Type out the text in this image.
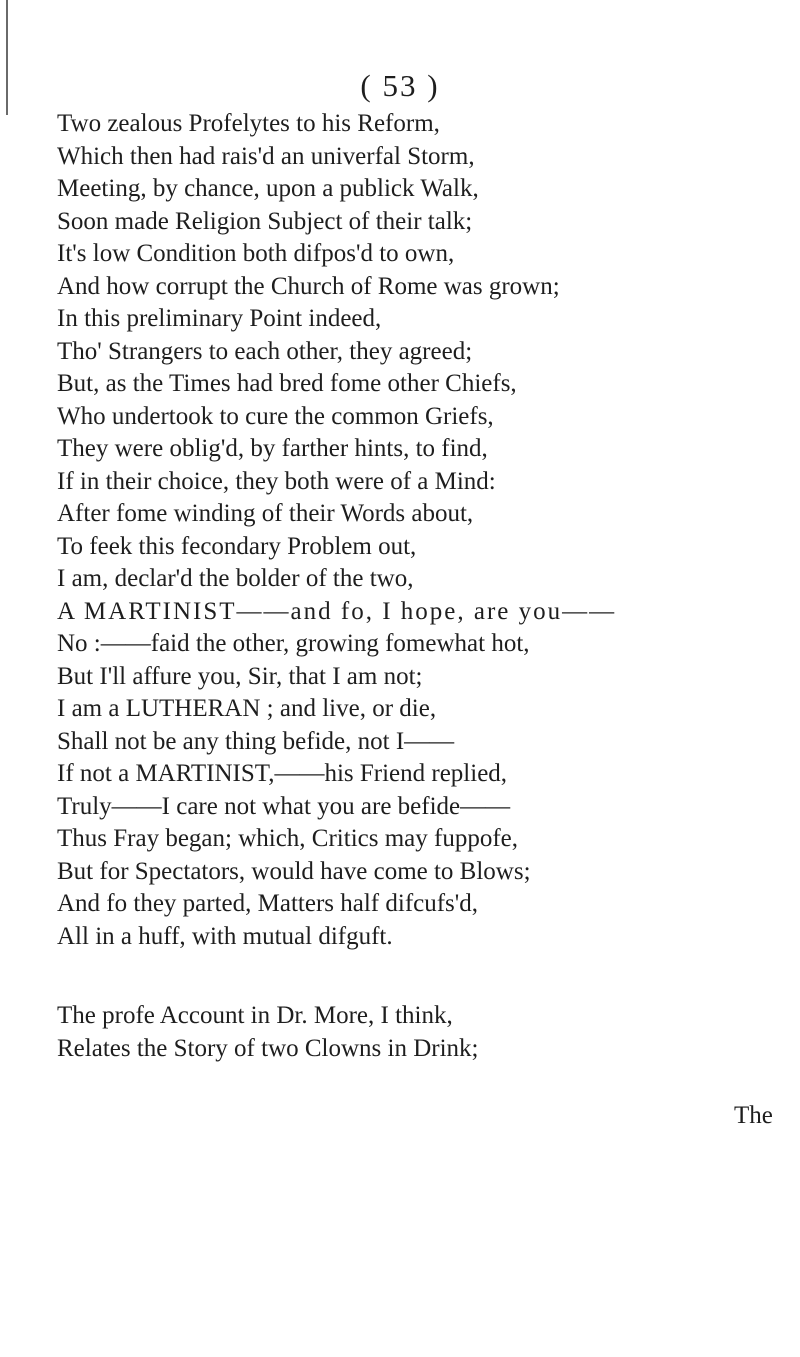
( 53 )
Two zealous Profelytes to his Reform,
Which then had rais'd an univerfal Storm,
Meeting, by chance, upon a publick Walk,
Soon made Religion Subject of their talk;
It's low Condition both difpos'd to own,
And how corrupt the Church of Rome was grown;
In this preliminary Point indeed,
Tho' Strangers to each other, they agreed;
But, as the Times had bred fome other Chiefs,
Who undertook to cure the common Griefs,
They were oblig'd, by farther hints, to find,
If in their choice, they both were of a Mind:
After fome winding of their Words about,
To feek this fecondary Problem out,
I am, declar'd the bolder of the two,
A MARTINIST——and fo, I hope, are you——
No :——faid the other, growing fomewhat hot,
But I'll affure you, Sir, that I am not;
I am a LUTHERAN ; and live, or die,
Shall not be any thing befide, not I——
If not a MARTINIST,——his Friend replied,
Truly——I care not what you are befide——
Thus Fray began; which, Critics may fuppofe,
But for Spectators, would have come to Blows;
And fo they parted, Matters half difcufs'd,
All in a huff, with mutual difguft.
The profe Account in Dr. More, I think,
Relates the Story of two Clowns in Drink;
The
